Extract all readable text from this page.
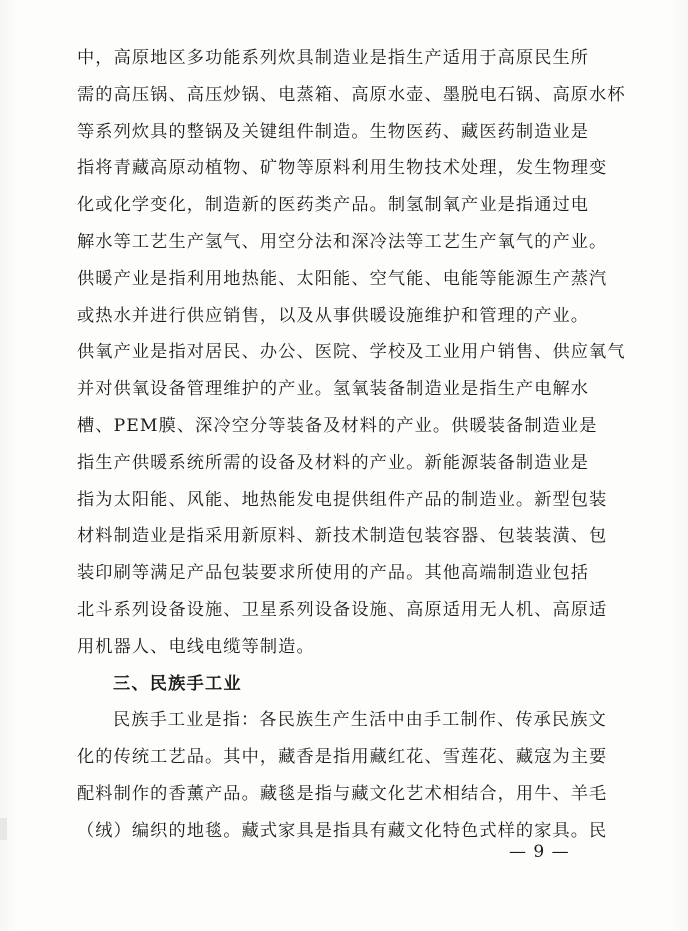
中，高原地区多功能系列炊具制造业是指生产适用于高原民生所
需的高压锅、高压炒锅、电蒸箱、高原水壶、墨脱电石锅、高原水杯
等系列炊具的整锅及关键组件制造。生物医药、藏医药制造业是
指将青藏高原动植物、矿物等原料利用生物技术处理，发生物理变
化或化学变化，制造新的医药类产品。制氢制氧产业是指通过电
解水等工艺生产氢气、用空分法和深冷法等工艺生产氧气的产业。
供暖产业是指利用地热能、太阳能、空气能、电能等能源生产蒸汽
或热水并进行供应销售，以及从事供暖设施维护和管理的产业。
供氧产业是指对居民、办公、医院、学校及工业用户销售、供应氧气
并对供氧设备管理维护的产业。氢氧装备制造业是指生产电解水
槽、PEM膜、深冷空分等装备及材料的产业。供暖装备制造业是
指生产供暖系统所需的设备及材料的产业。新能源装备制造业是
指为太阳能、风能、地热能发电提供组件产品的制造业。新型包装
材料制造业是指采用新原料、新技术制造包装容器、包装装潢、包
装印刷等满足产品包装要求所使用的产品。其他高端制造业包括
北斗系列设备设施、卫星系列设备设施、高原适用无人机、高原适
用机器人、电线电缆等制造。
三、民族手工业
民族手工业是指：各民族生产生活中由手工制作、传承民族文
化的传统工艺品。其中，藏香是指用藏红花、雪莲花、藏寇为主要
配料制作的香薰产品。藏毯是指与藏文化艺术相结合，用牛、羊毛
（绒）编织的地毯。藏式家具是指具有藏文化特色式样的家具。民
— 9 —
